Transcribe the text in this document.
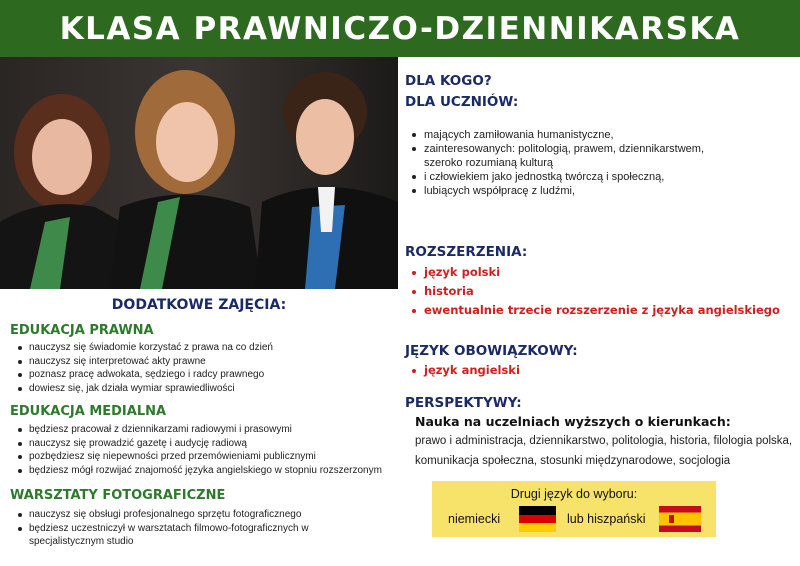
KLASA PRAWNICZO-DZIENNIKARSKA
DODATKOWE ZAJĘCIA:
EDUKACJA PRAWNA
nauczysz się świadomie korzystać z prawa na co dzień
nauczysz się interpretować akty prawne
poznasz pracę adwokata, sędziego i radcy prawnego
dowiesz się, jak działa wymiar sprawiedliwości
EDUKACJA MEDIALNA
będziesz pracował z dziennikarzami radiowymi i prasowymi
nauczysz się prowadzić gazetę i audycję radiową
pozbędziesz się niepewności przed przemówieniami publicznymi
będziesz mógł rozwijać znajomość języka angielskiego w stopniu rozszerzonym
WARSZTATY FOTOGRAFICZNE
nauczysz się obsługi profesjonalnego sprzętu fotograficznego
będziesz uczestniczył w warsztatach filmowo-fotograficznych w specjalistycznym studio
DLA KOGO?
DLA UCZNIÓW:
mających zamiłowania humanistyczne,
zainteresowanych: politologią, prawem, dziennikarstwem, szeroko rozumianą kulturą
i człowiekiem jako jednostką twórczą i społeczną,
lubiących współpracę z ludźmi,
ROZSZERZENIA:
język polski
historia
ewentualnie trzecie rozszerzenie z języka angielskiego
JĘZYK OBOWIĄZKOWY:
język angielski
PERSPEKTYWY:
Nauka na uczelniach wyższych o kierunkach:
prawo i administracja, dziennikarstwo, politologia, historia, filologia polska, komunikacja społeczna, stosunki międzynarodowe, socjologia
Drugi język do wyboru:
niemiecki	lub hiszpański
